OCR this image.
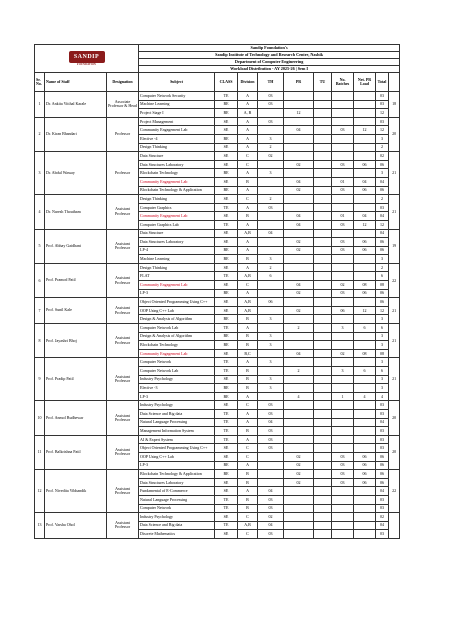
SANDIP
FOUNDATION			Sandip Foundation's									
			Sandip Institute of Technology and Research Centre, Nashik									
			Department of Computer Engineering									
			Workload Distribution - AY 2025-26 | Sem I									
Sr. No.	Name of Staff	Designation	Subject	CLASS	Division	TH	PR	TU	No. Batches	Net. PR Load	Total	
1	Dr. Ankita Vitthal Karale	Associate Professor & Head	Computer Network Security	TE	A	03					03	18
			Machine Learning	BE	A	03					03	
			Project Stage I	BE	A, B		12				12	
2	Dr. Kiran Bhandari	Professor	Project Management	SE	A	03					03	20
			Community Engagement Lab	SE	A		04		03	12	12	
			Elective -4	BE	A	3					3	
			Design Thinking	SE	A	2					2	
3	Dr. Abdul Wassay	Professor	Data Structure	SE	C	02					02	21
			Data Structures Laboratory	SE	C		02		03	06	06	
			Blockchain Technology	BE	A	3					3	
			Community Engagement Lab	SE	B		04		01	04	04	
			Blockchain Technology & Application	BE	A		02		03	06	06	
4	Dr. Naresh Thoutham	Assistant Professor	Design Thinking	SE	C	2					2	21
			Computer Graphics	TE	A	03					03	
			Community Engagement Lab	SE	B		04		01	04	04	
			Computer Graphics Lab	TE	A		04		03	12	12	
5	Prof. Abhay Gaidhani	Assistant Professor	Data Structure	SE	A,B	04					04	19
			Data Structures Laboratory	SE	A		02		03	06	06	
			LP-4	BE	A		02		03	06	06	
			Machine Learning	BE	B	3					3	
6	Prof. Pramod Patil	Assistant Professor	Design Thinking	SE	A	2					2	22
			FLAT	TE	A,B	6					6	
			Community Engagement Lab	SE	C		04		02	08	08	
			LP-3	BE	A		02		03	06	06	
7	Prof. Sunil Kale	Assistant Professor	Object Oriented Programming Using C++	SE	A,B	06					06	21
			OOP Using C++ Lab	SE	A,B		02		06	12	12	
			Design & Analysis of Algorithm	BE	B	3					3	
8	Prof. Jayashri Bhoj	Assistant Professor	Computer Network Lab	TE	A		2		3	6	6	21
			Design & Analysis of Algorithm	BE	B	3					3	
			Blockchain Technology	BE	B	3					3	
			Community Engagement Lab	SE	B,C		04		02	08	08	
9	Prof. Pradip Patil	Assistant Professor	Computer Network	TE	A	3					3	21
			Computer Network Lab	TE	B		2		3	6	6	
			Industry Psychology	SE	B	3					3	
			Elective -3	BE	B	3					3	
			LP-3	BE	A		4		1	4	4	
10	Prof. Anmol Budhewar	Assistant Professor	Industry Psychology	SE	C	03					03	20
			Data Science and Big data	TE	A	03					03	
			Natural Language Processing	TE	A	04					04	
			Management Information System	TE	B	03					03	
11	Prof. Balkrishna Patil	Assistant Professor	AI & Expert System	TE	A	03					03	20
			Object Oriented Programming Using C++	SE	C	03					03	
			OOP Using C++ Lab	SE	C		02		03	06	06	
			LP-3	BE	A		02		03	06	06	
12	Prof. Nivedita Vibhandik	Assistant Professor	Blockchain Technology & Application	BE	B		02		03	06	06	22
			Data Structures Laboratory	SE	B		02		03	06	06	
			Fundamental of E-Commerce	SE	A	04					04	
			Natural Language Processing	TE	B	03					03	
			Computer Network	TE	B	03					03	
13	Prof. Varsha Ohol	Assistant Professor	Industry Psychology	SE	C	02					02	
			Data Science and Big data	TE	A,B	04					04	
			Discrete Mathematics	SE	C	03					03	
